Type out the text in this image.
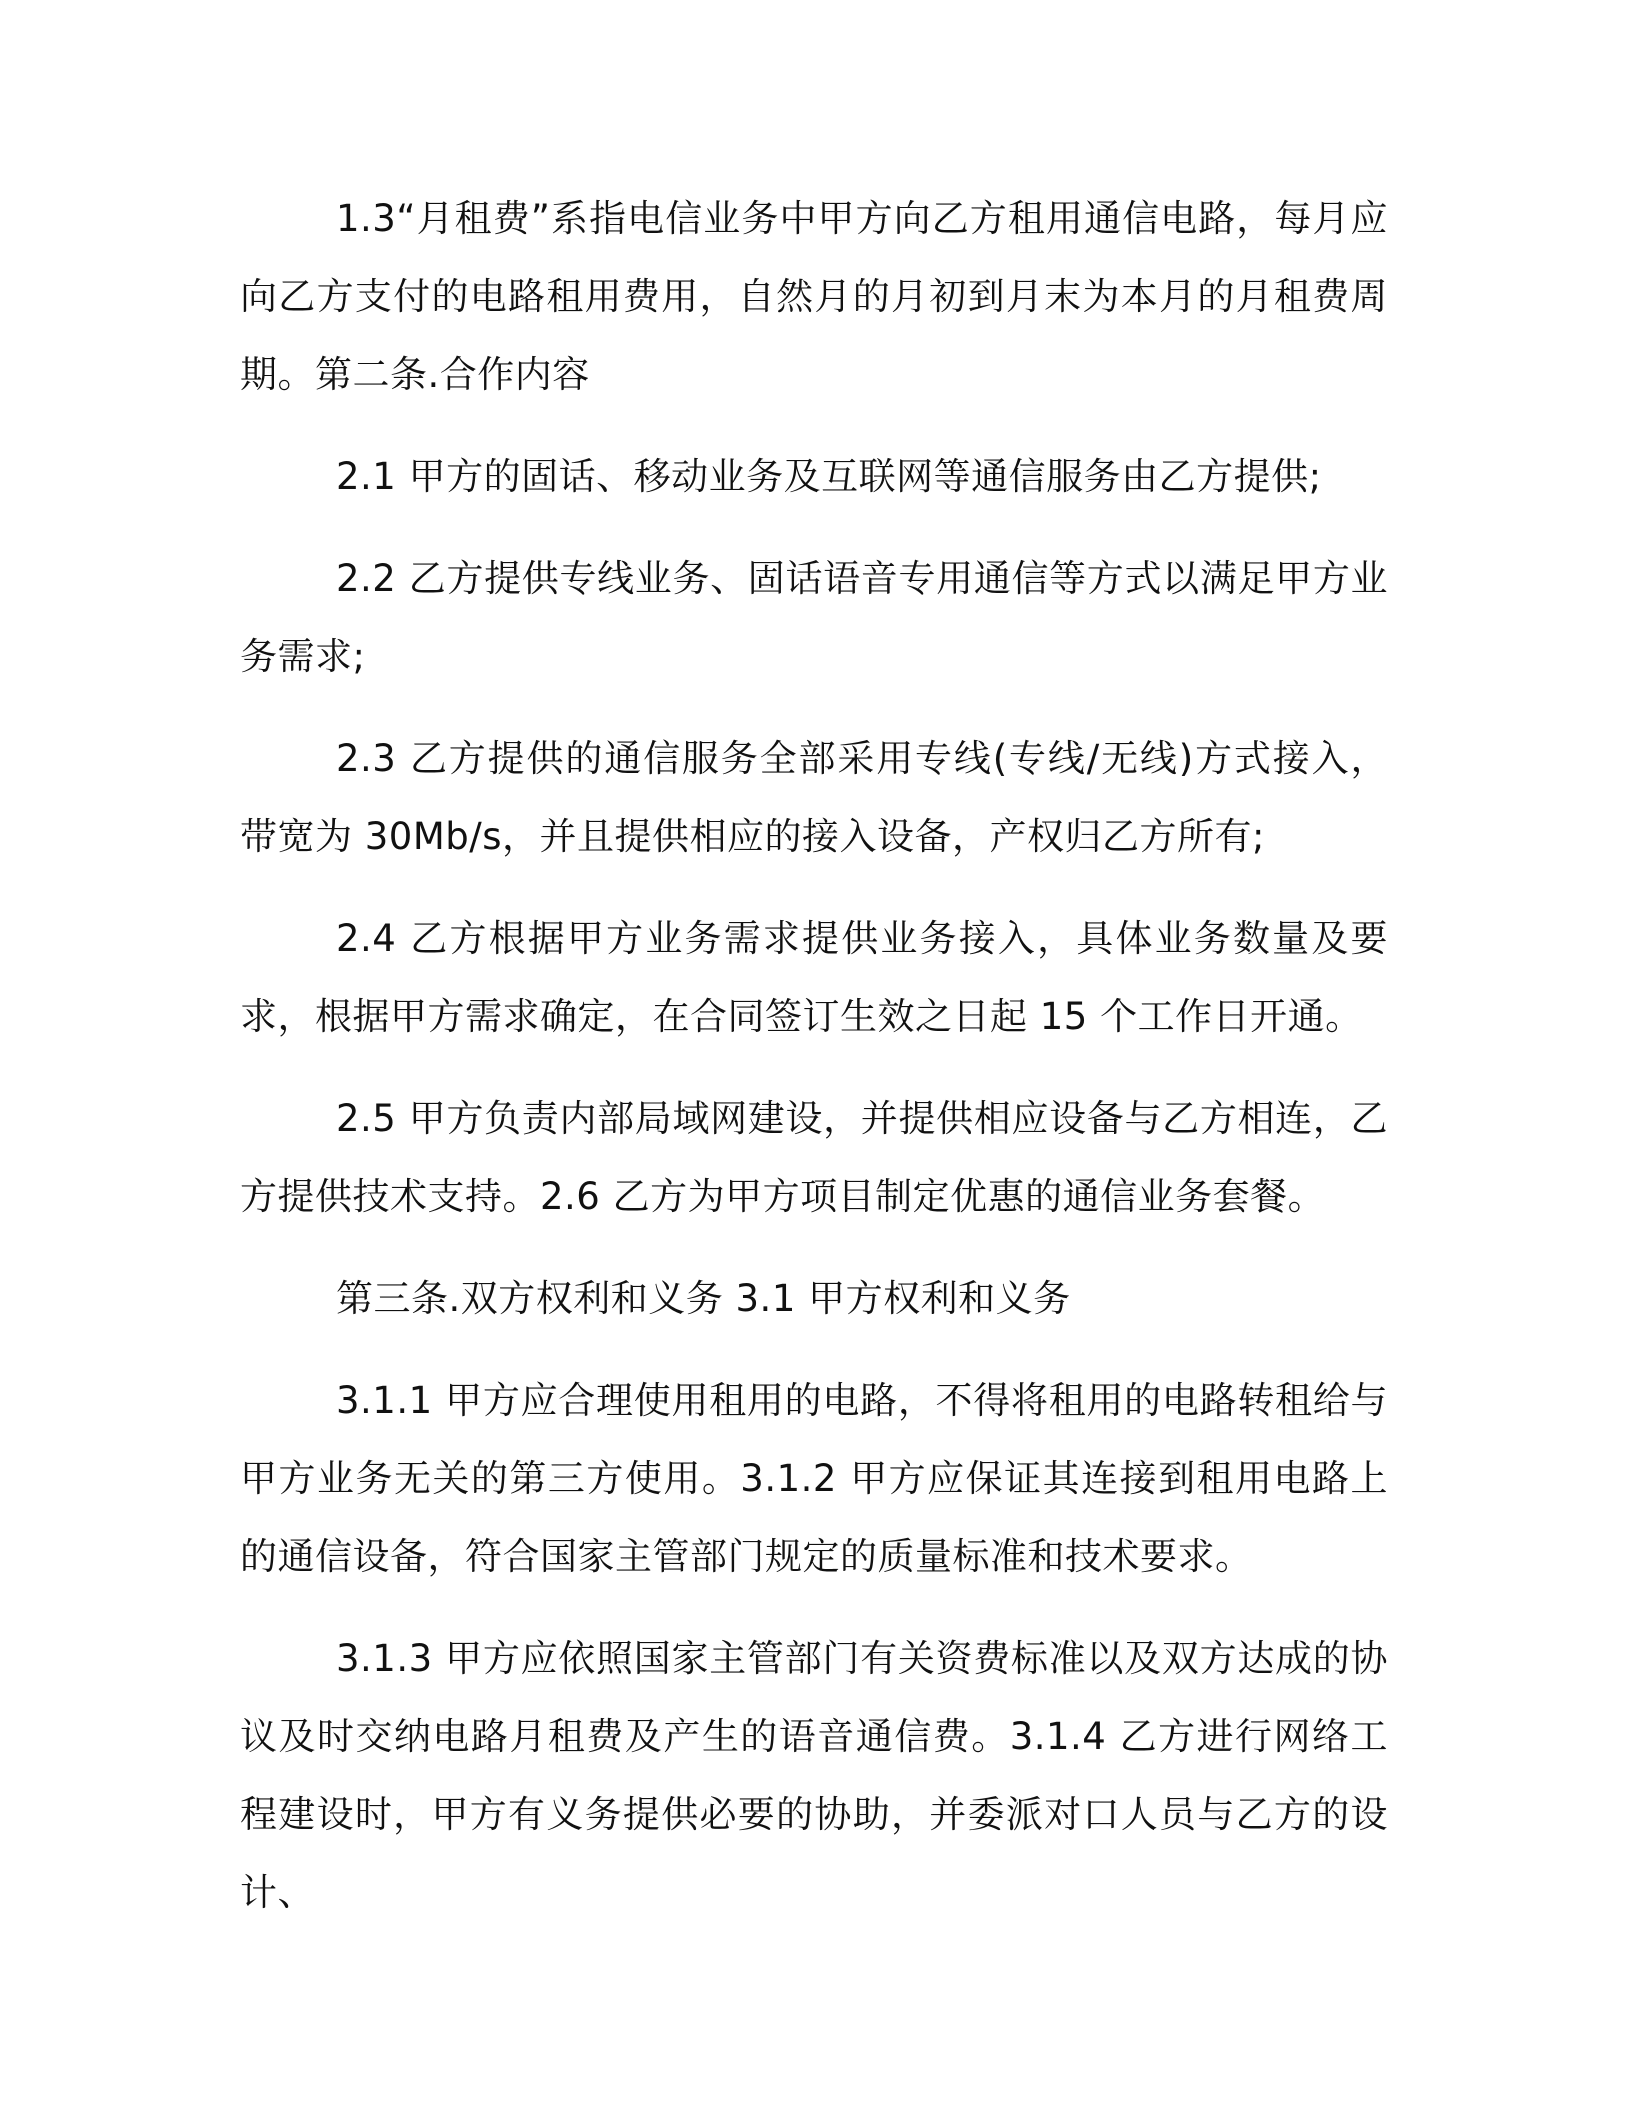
1.3“月租费”系指电信业务中甲方向乙方租用通信电路，每月应向乙方支付的电路租用费用，自然月的月初到月末为本月的月租费周期。第二条.合作内容

2.1 甲方的固话、移动业务及互联网等通信服务由乙方提供;

2.2 乙方提供专线业务、固话语音专用通信等方式以满足甲方业务需求;

2.3 乙方提供的通信服务全部采用专线(专线/无线)方式接入，带宽为 30Mb/s，并且提供相应的接入设备，产权归乙方所有;

2.4 乙方根据甲方业务需求提供业务接入，具体业务数量及要求，根据甲方需求确定，在合同签订生效之日起 15 个工作日开通。

2.5 甲方负责内部局域网建设，并提供相应设备与乙方相连，乙方提供技术支持。2.6 乙方为甲方项目制定优惠的通信业务套餐。

第三条.双方权利和义务 3.1 甲方权利和义务

3.1.1 甲方应合理使用租用的电路，不得将租用的电路转租给与甲方业务无关的第三方使用。3.1.2 甲方应保证其连接到租用电路上的通信设备，符合国家主管部门规定的质量标准和技术要求。

3.1.3 甲方应依照国家主管部门有关资费标准以及双方达成的协议及时交纳电路月租费及产生的语音通信费。3.1.4 乙方进行网络工程建设时，甲方有义务提供必要的协助，并委派对口人员与乙方的设计、
